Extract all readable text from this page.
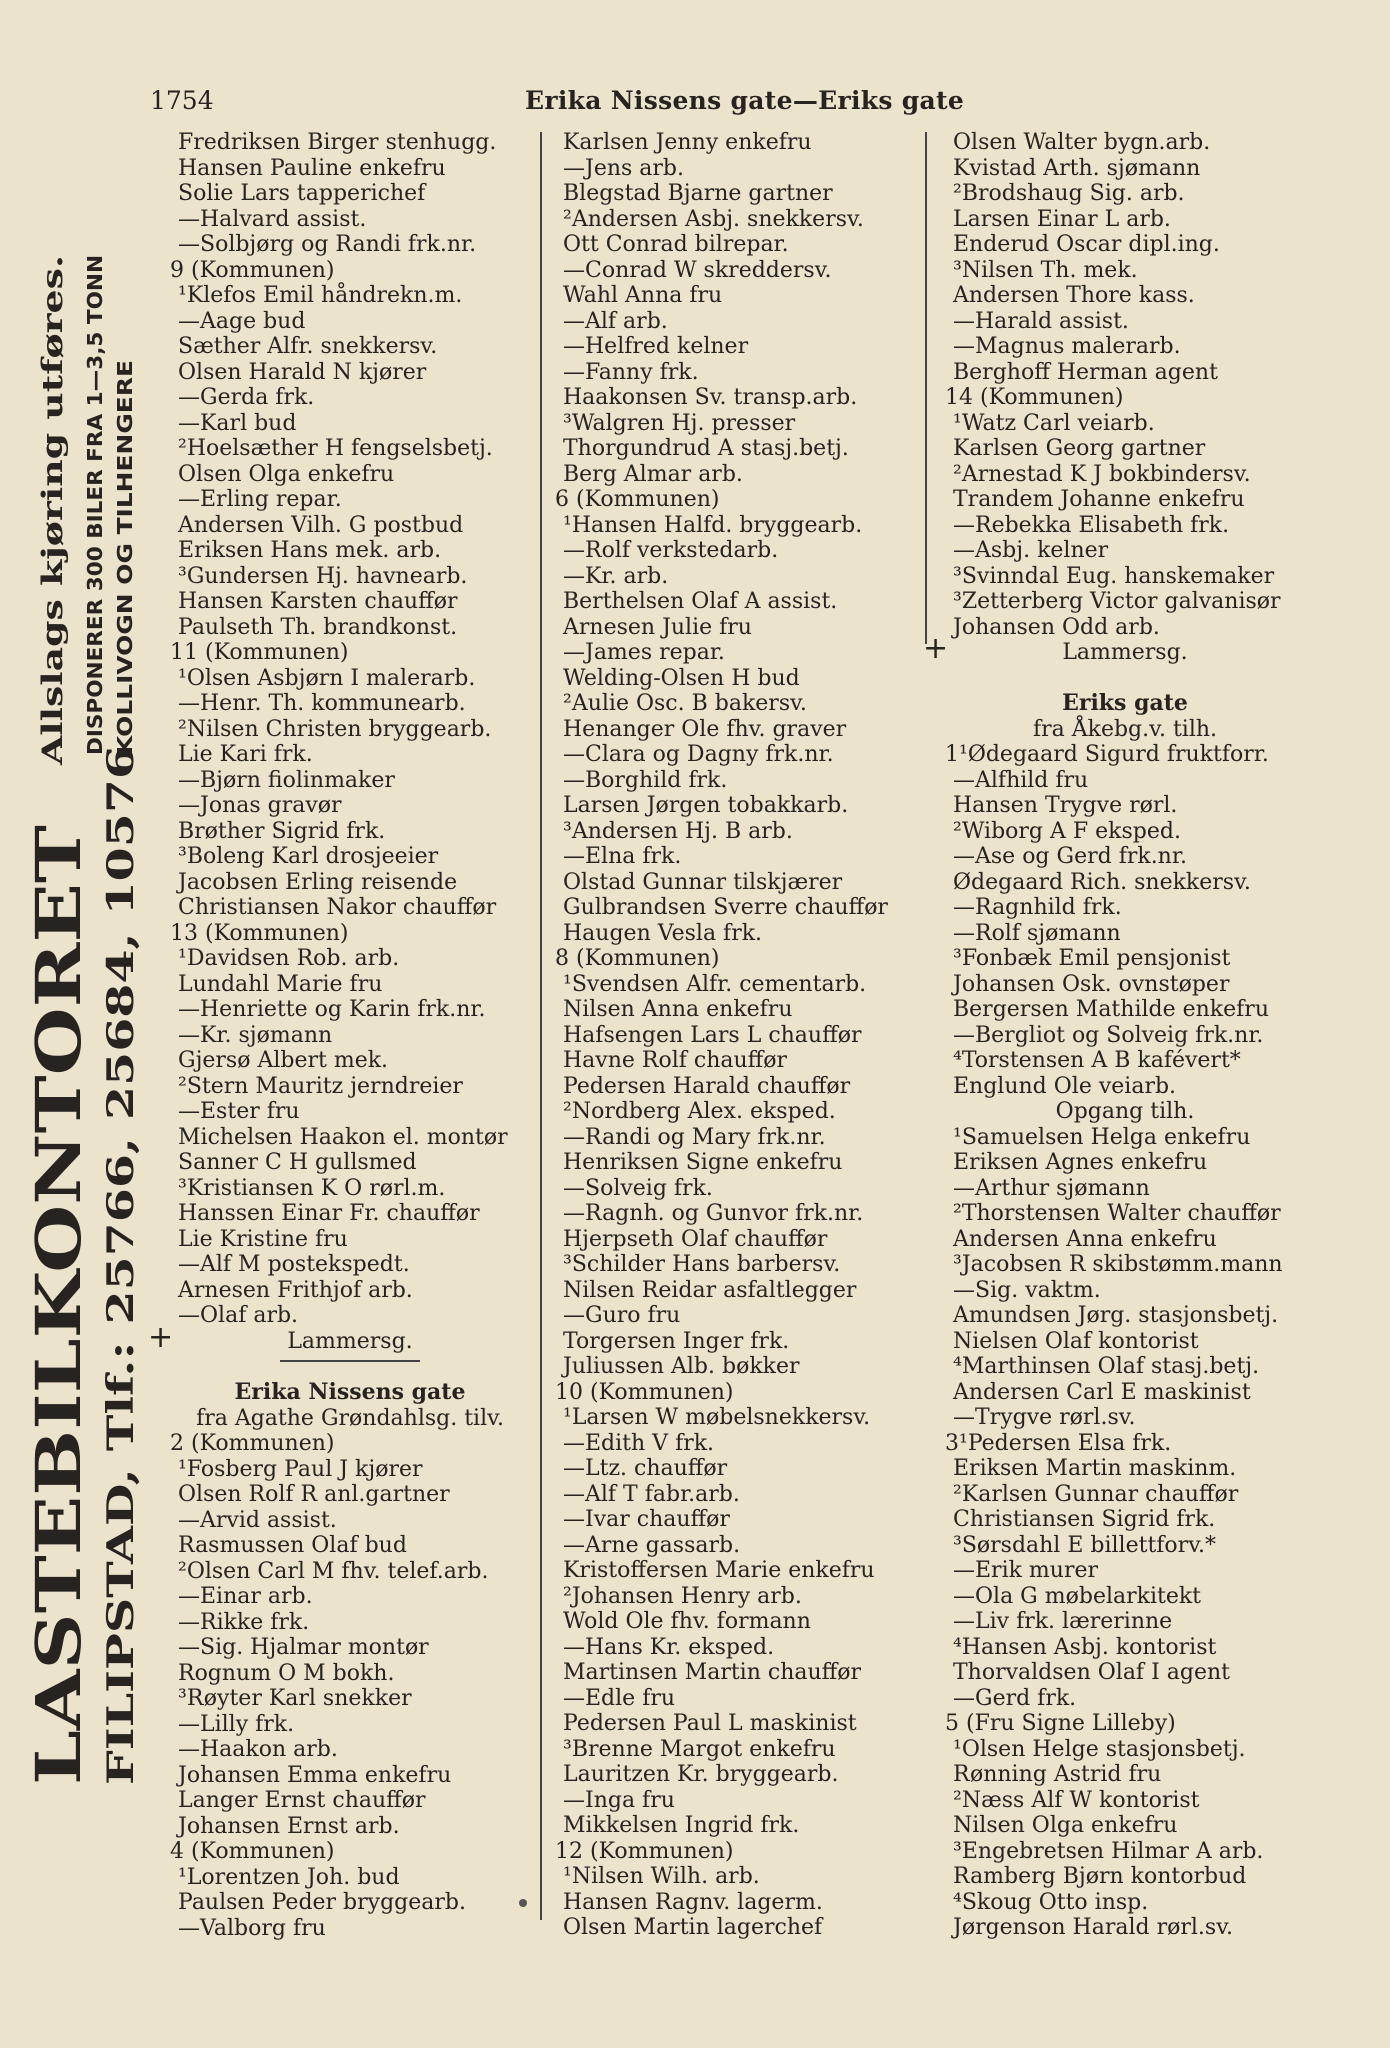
1754	Erika Nissens gate—Eriks gate
LASTEBILKONTORET FILIPSTAD, Tlf.: 25766, 25684, 10576
Allslags kjøring utføres. DISPONERER 300 BILER FRA 1—3,5 TONN KOLLIVOGN OG TILHENGERE
Fredriksen Birger stenhugg.
Hansen Pauline enkefru
Solie Lars tapperichef
—Halvard assist.
—Solbjørg og Randi frk.nr.
9 (Kommunen)
¹Klefos Emil håndrekn.m.
—Aage bud
Sæther Alfr. snekkersv.
Olsen Harald N kjører
—Gerda frk.
—Karl bud
²Hoelsæther H fengselsbetj.
Olsen Olga enkefru
—Erling repar.
Andersen Vilh. G postbud
Eriksen Hans mek. arb.
³Gundersen Hj. havnearb.
Hansen Karsten chauffør
Paulseth Th. brandkonst.
11 (Kommunen)
¹Olsen Asbjørn I malerarb.
—Henr. Th. kommunearb.
²Nilsen Christen bryggearb.
Lie Kari frk.
—Bjørn fiolinmaker
—Jonas gravør
Brøther Sigrid frk.
³Boleng Karl drosjeeier
Jacobsen Erling reisende
Christiansen Nakor chauffør
13 (Kommunen)
¹Davidsen Rob. arb.
Lundahl Marie fru
—Henriette og Karin frk.nr.
—Kr. sjømann
Gjersø Albert mek.
²Stern Mauritz jerndreier
—Ester fru
Michelsen Haakon el. montør
Sanner C H gullsmed
³Kristiansen K O rørl.m.
Hanssen Einar Fr. chauffør
Lie Kristine fru
—Alf M postekspedt.
Arnesen Frithjof arb.
—Olaf arb.
+	Lammersg.
Erika Nissens gate
fra Agathe Grøndahlsg. tilv.
2 (Kommunen)
¹Fosberg Paul J kjører
Olsen Rolf R anl.gartner
—Arvid assist.
Rasmussen Olaf bud
²Olsen Carl M fhv. telef.arb.
—Einar arb.
—Rikke frk.
—Sig. Hjalmar montør
Rognum O M bokh.
³Røyter Karl snekker
—Lilly frk.
—Haakon arb.
Johansen Emma enkefru
Langer Ernst chauffør
Johansen Ernst arb.
4 (Kommunen)
¹Lorentzen Joh. bud
Paulsen Peder bryggearb.
—Valborg fru
Karlsen Jenny enkefru
—Jens arb.
Blegstad Bjarne gartner
²Andersen Asbj. snekkersv.
Ott Conrad bilrepar.
—Conrad W skreddersv.
Wahl Anna fru
—Alf arb.
—Helfred kelner
—Fanny frk.
Haakonsen Sv. transp.arb.
³Walgren Hj. presser
Thorgundrud A stasj.betj.
Berg Almar arb.
6 (Kommunen)
¹Hansen Halfd. bryggearb.
—Rolf verkstedarb.
—Kr. arb.
Berthelsen Olaf A assist.
Arnesen Julie fru
—James repar.
Welding-Olsen H bud
²Aulie Osc. B bakersv.
Henanger Ole fhv. graver
—Clara og Dagny frk.nr.
—Borghild frk.
Larsen Jørgen tobakkarb.
³Andersen Hj. B arb.
—Elna frk.
Olstad Gunnar tilskjærer
Gulbrandsen Sverre chauffør
Haugen Vesla frk.
8 (Kommunen)
¹Svendsen Alfr. cementarb.
Nilsen Anna enkefru
Hafsengen Lars L chauffør
Havne Rolf chauffør
Pedersen Harald chauffør
²Nordberg Alex. eksped.
—Randi og Mary frk.nr.
Henriksen Signe enkefru
—Solveig frk.
—Ragnh. og Gunvor frk.nr.
Hjerpseth Olaf chauffør
³Schilder Hans barbersv.
Nilsen Reidar asfaltlegger
—Guro fru
Torgersen Inger frk.
Juliussen Alb. bøkker
10 (Kommunen)
¹Larsen W møbelsnekkersv.
—Edith V frk.
—Ltz. chauffør
—Alf T fabr.arb.
—Ivar chauffør
—Arne gassarb.
Kristoffersen Marie enkefru
²Johansen Henry arb.
Wold Ole fhv. formann
—Hans Kr. eksped.
Martinsen Martin chauffør
—Edle fru
Pedersen Paul L maskinist
³Brenne Margot enkefru
Lauritzen Kr. bryggearb.
—Inga fru
Mikkelsen Ingrid frk.
12 (Kommunen)
¹Nilsen Wilh. arb.
Hansen Ragnv. lagerm.
Olsen Martin lagerchef
Olsen Walter bygn.arb.
Kvistad Arth. sjømann
²Brodshaug Sig. arb.
Larsen Einar L arb.
Enderud Oscar dipl.ing.
³Nilsen Th. mek.
Andersen Thore kass.
—Harald assist.
—Magnus malerarb.
Berghoff Herman agent
14 (Kommunen)
¹Watz Carl veiarb.
Karlsen Georg gartner
²Arnestad K J bokbindersv.
Trandem Johanne enkefru
—Rebekka Elisabeth frk.
—Asbj. kelner
³Svinndal Eug. hanskemaker
³Zetterberg Victor galvanisør
Johansen Odd arb.
+	Lammersg.
Eriks gate
fra Åkebg.v. tilh.
1¹Ødegaard Sigurd fruktforr.
—Alfhild fru
Hansen Trygve rørl.
²Wiborg A F eksped.
—Ase og Gerd frk.nr.
Ødegaard Rich. snekkersv.
—Ragnhild frk.
—Rolf sjømann
³Fonbæk Emil pensjonist
Johansen Osk. ovnstøper
Bergersen Mathilde enkefru
—Bergliot og Solveig frk.nr.
⁴Torstensen A B kafévert*
Englund Ole veiarb.
Opgang tilh.
¹Samuelsen Helga enkefru
Eriksen Agnes enkefru
—Arthur sjømann
²Thorstensen Walter chauffør
Andersen Anna enkefru
³Jacobsen R skibstømm.mann
—Sig. vaktm.
Amundsen Jørg. stasjonsbetj.
Nielsen Olaf kontorist
⁴Marthinsen Olaf stasj.betj.
Andersen Carl E maskinist
—Trygve rørl.sv.
3¹Pedersen Elsa frk.
Eriksen Martin maskinm.
²Karlsen Gunnar chauffør
Christiansen Sigrid frk.
³Sørsdahl E billettforv.*
—Erik murer
—Ola G møbelarkitekt
—Liv frk. lærerinne
⁴Hansen Asbj. kontorist
Thorvaldsen Olaf I agent
—Gerd frk.
5 (Fru Signe Lilleby)
¹Olsen Helge stasjonsbetj.
Rønning Astrid fru
²Næss Alf W kontorist
Nilsen Olga enkefru
³Engebretsen Hilmar A arb.
Ramberg Bjørn kontorbud
⁴Skoug Otto insp.
Jørgenson Harald rørl.sv.
